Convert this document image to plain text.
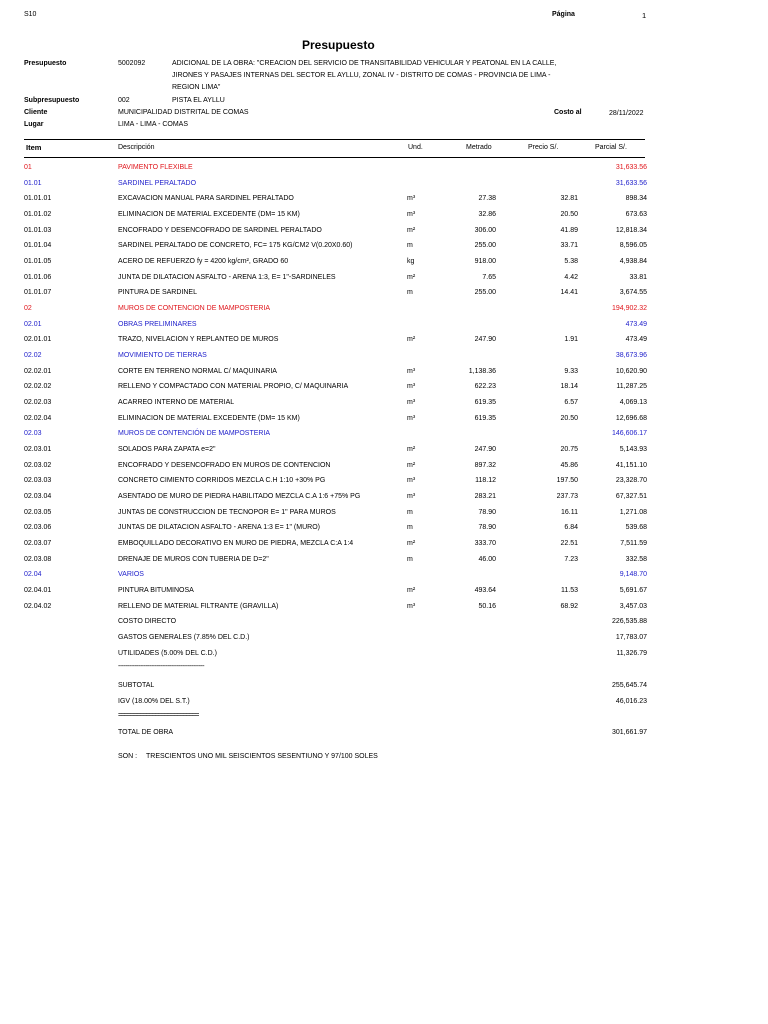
S10	Página	1
Presupuesto
Presupuesto	5002092	ADICIONAL DE LA OBRA: "CREACION DEL SERVICIO DE TRANSITABILIDAD VEHICULAR Y PEATONAL EN LA CALLE,
JIRONES Y PASAJES INTERNAS DEL SECTOR EL AYLLU, ZONAL IV - DISTRITO DE COMAS - PROVINCIA DE LIMA -
REGION LIMA"
Subpresupuesto	002	PISTA EL AYLLU
Cliente	MUNICIPALIDAD DISTRITAL DE COMAS	Costo al	28/11/2022
Lugar	LIMA - LIMA - COMAS
Item	Descripción	Und.	Metrado	Precio S/.	Parcial S/.
01	PAVIMENTO FLEXIBLE	31,633.56
01.01	SARDINEL PERALTADO	31,633.56
01.01.01	EXCAVACION MANUAL PARA SARDINEL PERALTADO	m³	27.38	32.81	898.34
01.01.02	ELIMINACION DE MATERIAL EXCEDENTE (DM= 15 KM)	m³	32.86	20.50	673.63
01.01.03	ENCOFRADO Y DESENCOFRADO DE SARDINEL PERALTADO	m²	306.00	41.89	12,818.34
01.01.04	SARDINEL PERALTADO DE CONCRETO, FC= 175 KG/CM2 V(0.20X0.60)	m	255.00	33.71	8,596.05
01.01.05	ACERO DE REFUERZO fy = 4200 kg/cm², GRADO 60	kg	918.00	5.38	4,938.84
01.01.06	JUNTA DE DILATACION ASFALTO - ARENA 1:3, E= 1"-SARDINELES	m²	7.65	4.42	33.81
01.01.07	PINTURA DE SARDINEL	m	255.00	14.41	3,674.55
02	MUROS DE CONTENCION DE MAMPOSTERIA	194,902.32
02.01	OBRAS PRELIMINARES	473.49
02.01.01	TRAZO, NIVELACION Y REPLANTEO DE MUROS	m²	247.90	1.91	473.49
02.02	MOVIMIENTO DE TIERRAS	38,673.96
02.02.01	CORTE EN TERRENO NORMAL C/ MAQUINARIA	m³	1,138.36	9.33	10,620.90
02.02.02	RELLENO Y COMPACTADO CON MATERIAL PROPIO, C/ MAQUINARIA	m³	622.23	18.14	11,287.25
02.02.03	ACARREO INTERNO DE MATERIAL	m³	619.35	6.57	4,069.13
02.02.04	ELIMINACION DE MATERIAL EXCEDENTE (DM= 15 KM)	m³	619.35	20.50	12,696.68
02.03	MUROS DE CONTENCIÓN DE MAMPOSTERIA	146,606.17
02.03.01	SOLADOS PARA ZAPATA e=2"	m²	247.90	20.75	5,143.93
02.03.02	ENCOFRADO Y DESENCOFRADO EN MUROS DE CONTENCION	m²	897.32	45.86	41,151.10
02.03.03	CONCRETO CIMIENTO CORRIDOS MEZCLA C.H 1:10 +30% PG	m³	118.12	197.50	23,328.70
02.03.04	ASENTADO DE MURO DE PIEDRA HABILITADO MEZCLA C.A 1:6 +75% PG	m³	283.21	237.73	67,327.51
02.03.05	JUNTAS DE CONSTRUCCION DE TECNOPOR E= 1" PARA MUROS	m	78.90	16.11	1,271.08
02.03.06	JUNTAS DE DILATACION ASFALTO - ARENA 1:3 E= 1" (MURO)	m	78.90	6.84	539.68
02.03.07	EMBOQUILLADO DECORATIVO EN MURO DE PIEDRA, MEZCLA C:A 1:4	m²	333.70	22.51	7,511.59
02.03.08	DRENAJE DE MUROS CON TUBERIA DE D=2"	m	46.00	7.23	332.58
02.04	VARIOS	9,148.70
02.04.01	PINTURA BITUMINOSA	m²	493.64	11.53	5,691.67
02.04.02	RELLENO DE MATERIAL FILTRANTE (GRAVILLA)	m³	50.16	68.92	3,457.03
COSTO DIRECTO	226,535.88
GASTOS GENERALES (7.85% DEL C.D.)	17,783.07
UTILIDADES (5.00% DEL C.D.)	11,326.79
-----------------------------------------------
SUBTOTAL	255,645.74
IGV (18.00% DEL S.T.)	46,016.23
==========================
TOTAL DE OBRA	301,661.97
SON : TRESCIENTOS UNO MIL SEISCIENTOS SESENTIUNO Y 97/100 SOLES
